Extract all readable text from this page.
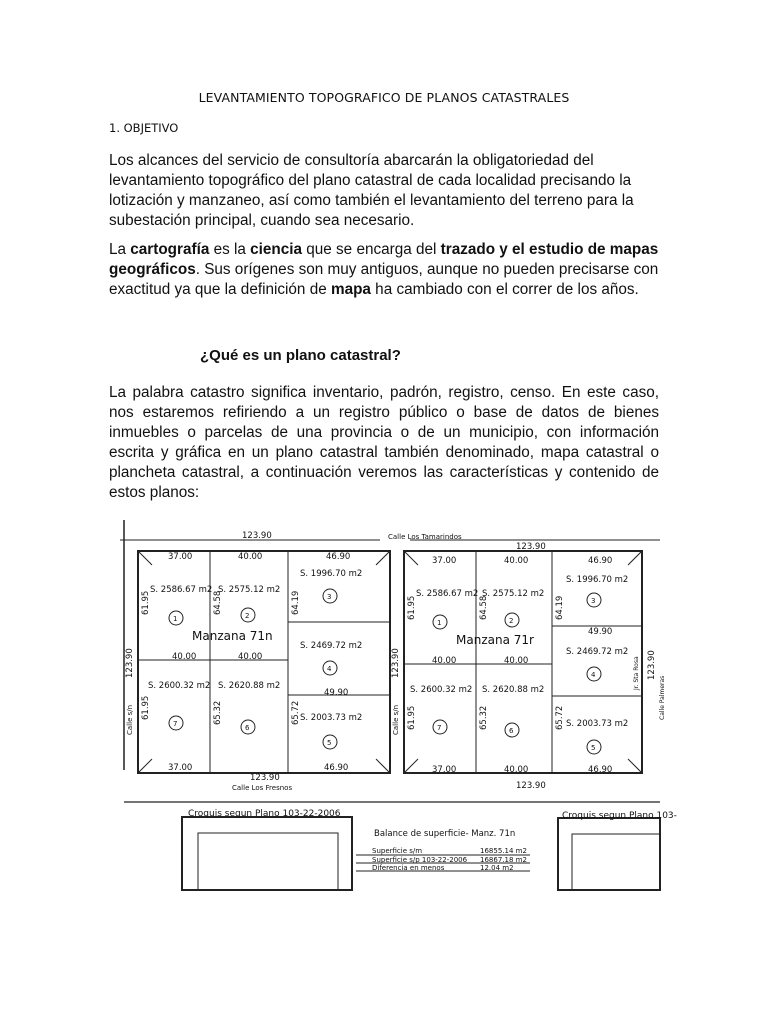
LEVANTAMIENTO TOPOGRAFICO DE PLANOS CATASTRALES
1. OBJETIVO

Los alcances del servicio de consultoría abarcarán la obligatoriedad del levantamiento topográfico del plano catastral de cada localidad precisando la lotización y manzaneo, así como también el levantamiento del terreno para la subestación principal, cuando sea necesario.

La cartografía es la ciencia que se encarga del trazado y el estudio de mapas geográficos. Sus orígenes son muy antiguos, aunque no pueden precisarse con exactitud ya que la definición de mapa ha cambiado con el correr de los años.

¿Qué es un plano catastral?

La palabra catastro significa inventario, padrón, registro, censo. En este caso, nos estaremos refiriendo a un registro público o base de datos de bienes inmuebles o parcelas de una provincia o de un municipio, con información escrita y gráfica en un plano catastral también denominado, mapa catastral o plancheta catastral, a continuación veremos las características y contenido de estos planos:

123.90
123.90
Calle Los Tamarindos
123.90
123.90
Calle Los Fresnos
37.00	40.00	46.90	37.00	40.00	46.90
S. 2586.67 m2 S. 2575.12 m2
S. 1996.70 m2
S. 2469.72 m2
S. 2003.73 m2
S. 2620.88 m2
S. 2600.32 m2
S. 2586.67 m2 S. 2575.12 m2
S. 1996.70 m2
S. 2469.72 m2
S. 2003.73 m2
S. 2620.88 m2
S. 2600.32 m2
1	2
3
4
5
6
7
1	2
3
4
5
6
7
Manzana 71n	Manzana 71r
40.00	40.00
49.90
37.00	46.90
40.00	40.00
49.90
37.00	40.00	46.90
61.95	64.58	64.19
61.95	65.32	65.72
61.95	64.58	64.19
61.95	65.32	65.72
123.90	123.90	123.90
Calle s/n	Calle s/n
Jr. Sta Rosa
Calle Palmeras
Croquis segun Plano 103-22-2006	Croquis segun Plano 103-
Balance de superficie- Manz. 71n
Superficie s/m	16855.14 m2
Superficie s/p 103-22-2006 16867.18 m2
Diferencia en menos	12.04 m2
